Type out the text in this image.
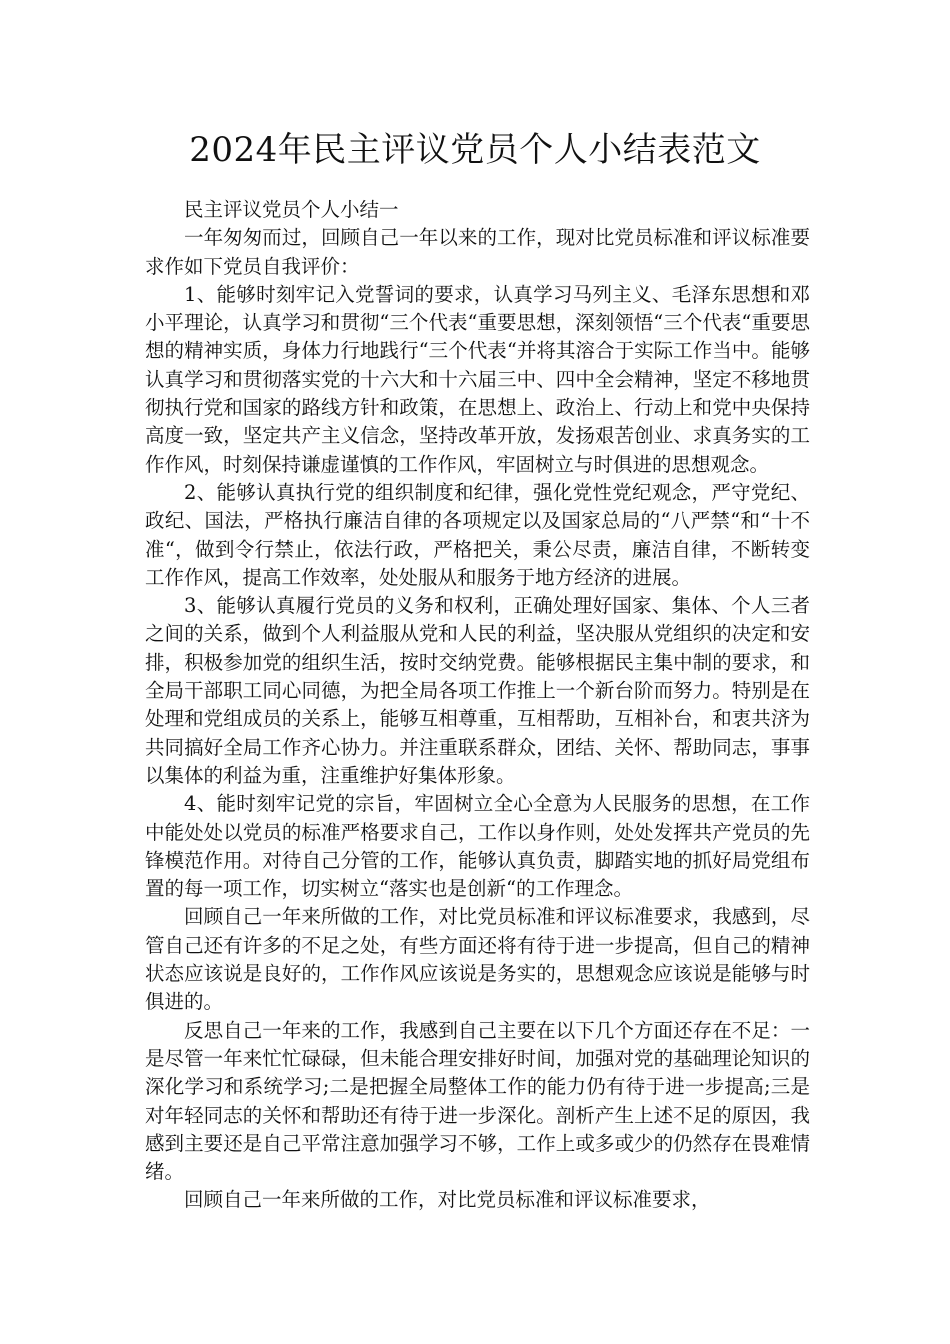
2024年民主评议党员个人小结表范文

民主评议党员个人小结一

一年匆匆而过，回顾自己一年以来的工作，现对比党员标准和评议标准要求作如下党员自我评价：

1、能够时刻牢记入党誓词的要求，认真学习马列主义、毛泽东思想和邓小平理论，认真学习和贯彻“三个代表“重要思想，深刻领悟“三个代表“重要思想的精神实质，身体力行地践行“三个代表“并将其溶合于实际工作当中。能够认真学习和贯彻落实党的十六大和十六届三中、四中全会精神，坚定不移地贯彻执行党和国家的路线方针和政策，在思想上、政治上、行动上和党中央保持高度一致，坚定共产主义信念，坚持改革开放，发扬艰苦创业、求真务实的工作作风，时刻保持谦虚谨慎的工作作风，牢固树立与时俱进的思想观念。

2、能够认真执行党的组织制度和纪律，强化党性党纪观念，严守党纪、政纪、国法，严格执行廉洁自律的各项规定以及国家总局的“八严禁“和“十不准“，做到令行禁止，依法行政，严格把关，秉公尽责，廉洁自律，不断转变工作作风，提高工作效率，处处服从和服务于地方经济的进展。

3、能够认真履行党员的义务和权利，正确处理好国家、集体、个人三者之间的关系，做到个人利益服从党和人民的利益，坚决服从党组织的决定和安排，积极参加党的组织生活，按时交纳党费。能够根据民主集中制的要求，和全局干部职工同心同德，为把全局各项工作推上一个新台阶而努力。特别是在处理和党组成员的关系上，能够互相尊重，互相帮助，互相补台，和衷共济为共同搞好全局工作齐心协力。并注重联系群众，团结、关怀、帮助同志，事事以集体的利益为重，注重维护好集体形象。

4、能时刻牢记党的宗旨，牢固树立全心全意为人民服务的思想，在工作中能处处以党员的标准严格要求自己，工作以身作则，处处发挥共产党员的先锋模范作用。对待自己分管的工作，能够认真负责，脚踏实地的抓好局党组布置的每一项工作，切实树立“落实也是创新“的工作理念。

回顾自己一年来所做的工作，对比党员标准和评议标准要求，我感到，尽管自己还有许多的不足之处，有些方面还将有待于进一步提高，但自己的精神状态应该说是良好的，工作作风应该说是务实的，思想观念应该说是能够与时俱进的。

反思自己一年来的工作，我感到自己主要在以下几个方面还存在不足：一是尽管一年来忙忙碌碌，但未能合理安排好时间，加强对党的基础理论知识的深化学习和系统学习;二是把握全局整体工作的能力仍有待于进一步提高;三是对年轻同志的关怀和帮助还有待于进一步深化。剖析产生上述不足的原因，我感到主要还是自己平常注意加强学习不够，工作上或多或少的仍然存在畏难情绪。

回顾自己一年来所做的工作，对比党员标准和评议标准要求，
